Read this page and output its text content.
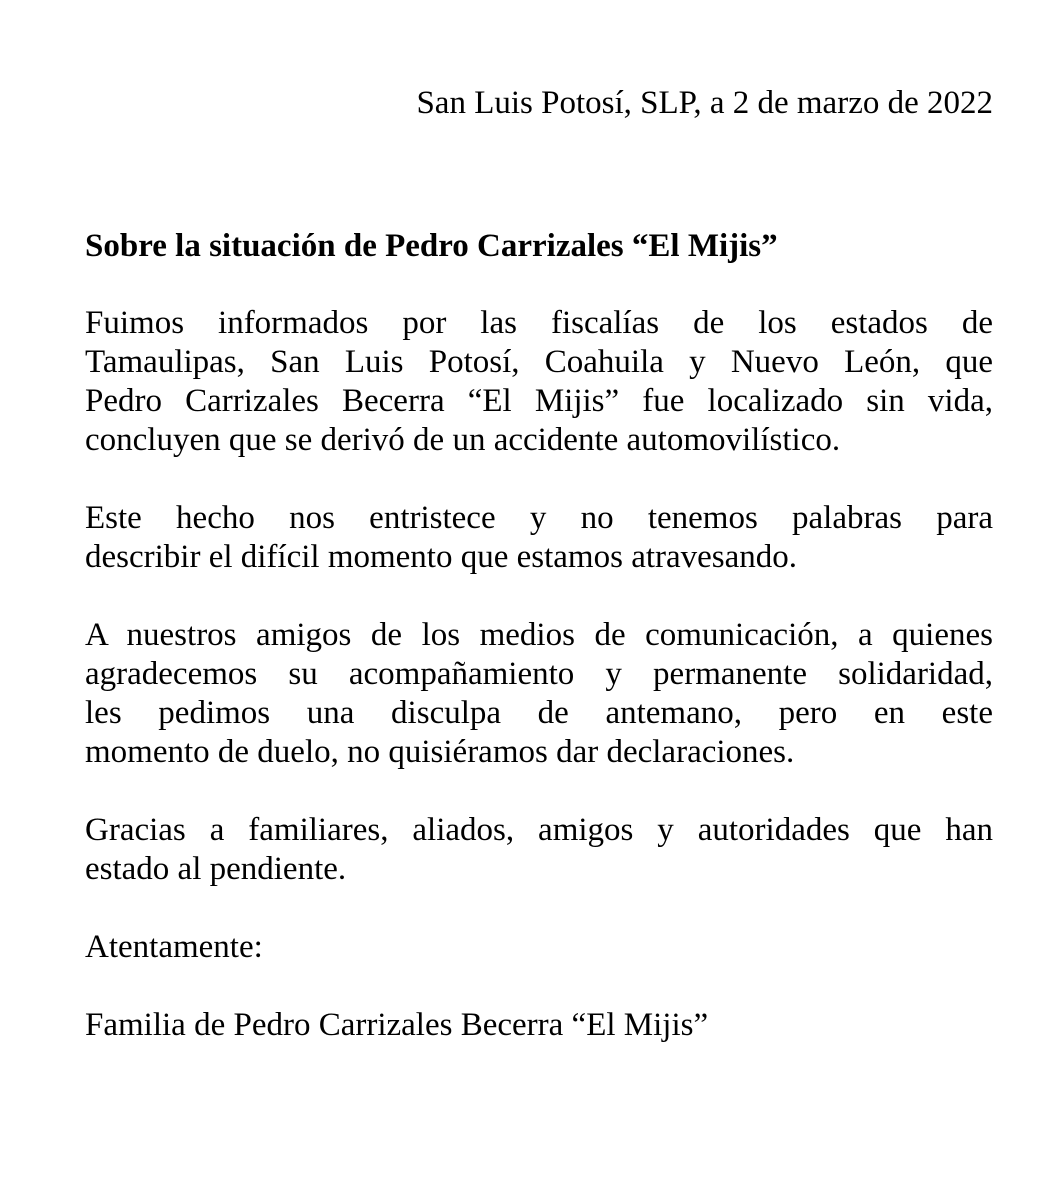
San Luis Potosí, SLP, a 2 de marzo de 2022

Sobre la situación de Pedro Carrizales “El Mijis”

Fuimos informados por las fiscalías de los estados de
Tamaulipas, San Luis Potosí, Coahuila y Nuevo León, que
Pedro Carrizales Becerra “El Mijis” fue localizado sin vida,
concluyen que se derivó de un accidente automovilístico.

Este hecho nos entristece y no tenemos palabras para
describir el difícil momento que estamos atravesando.

A nuestros amigos de los medios de comunicación, a quienes
agradecemos su acompañamiento y permanente solidaridad,
les pedimos una disculpa de antemano, pero en este
momento de duelo, no quisiéramos dar declaraciones.

Gracias a familiares, aliados, amigos y autoridades que han
estado al pendiente.

Atentamente:

Familia de Pedro Carrizales Becerra “El Mijis”
